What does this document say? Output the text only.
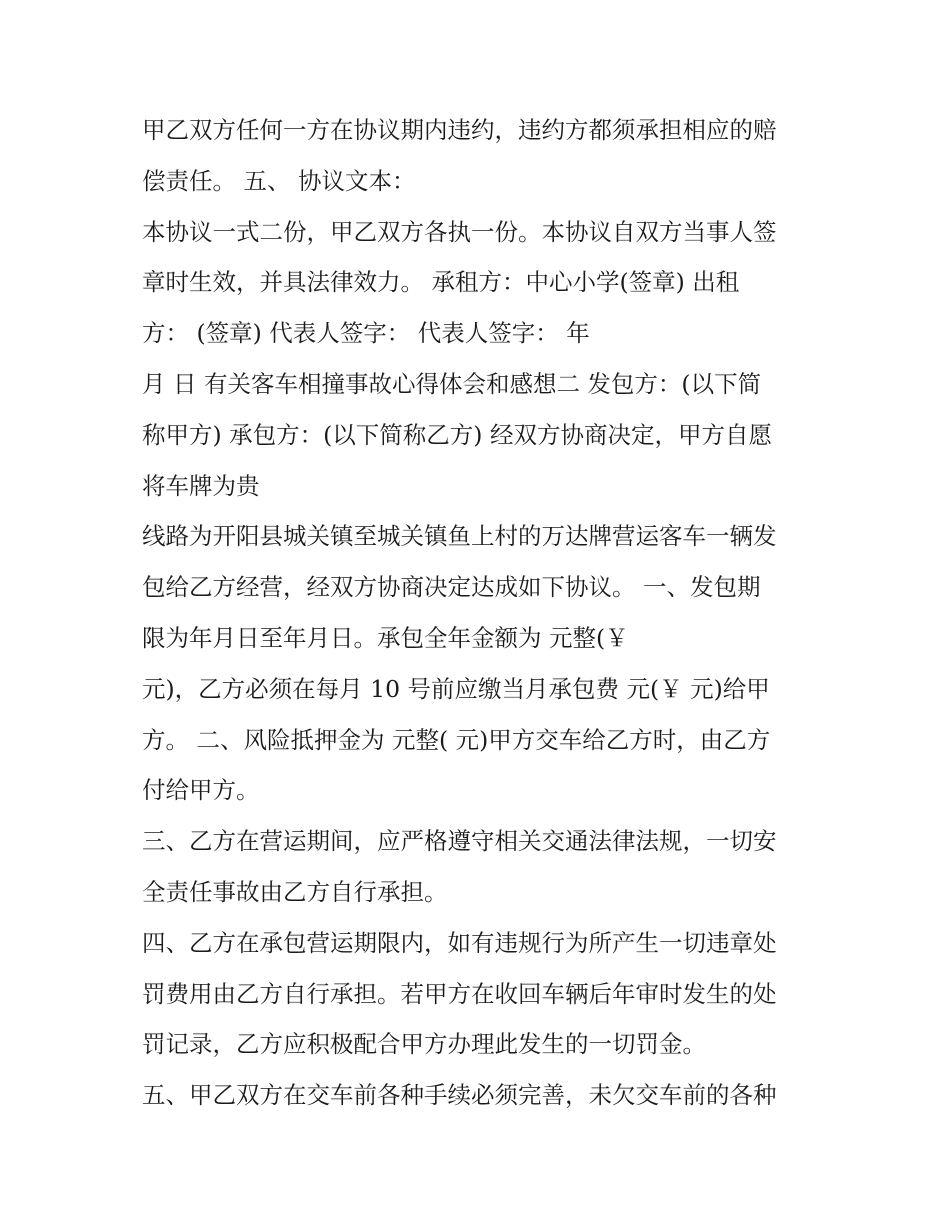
甲乙双方任何一方在协议期内违约，违约方都须承担相应的赔
偿责任。 五、 协议文本：
本协议一式二份，甲乙双方各执一份。本协议自双方当事人签
章时生效，并具法律效力。 承租方：中心小学(签章) 出租
方： (签章) 代表人签字： 代表人签字： 年
月 日 有关客车相撞事故心得体会和感想二 发包方：(以下简
称甲方) 承包方：(以下简称乙方) 经双方协商决定，甲方自愿
将车牌为贵
线路为开阳县城关镇至城关镇鱼上村的万达牌营运客车一辆发
包给乙方经营，经双方协商决定达成如下协议。 一、发包期
限为年月日至年月日。承包全年金额为 元整(￥
元)，乙方必须在每月 10 号前应缴当月承包费 元(￥ 元)给甲
方。 二、风险抵押金为 元整( 元)甲方交车给乙方时，由乙方
付给甲方。
三、乙方在营运期间，应严格遵守相关交通法律法规，一切安
全责任事故由乙方自行承担。
四、乙方在承包营运期限内，如有违规行为所产生一切违章处
罚费用由乙方自行承担。若甲方在收回车辆后年审时发生的处
罚记录，乙方应积极配合甲方办理此发生的一切罚金。
五、甲乙双方在交车前各种手续必须完善，未欠交车前的各种
